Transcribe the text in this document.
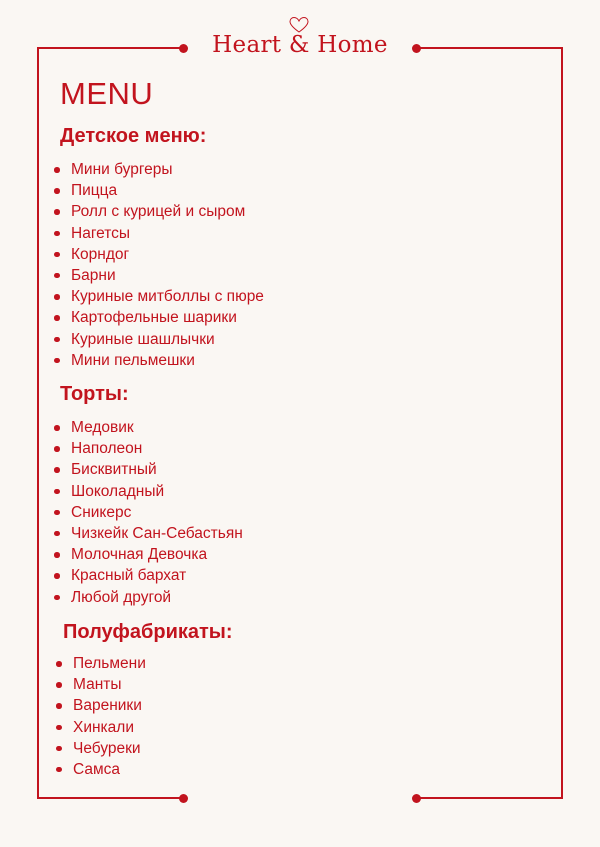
Heart & Home
MENU
Детское меню:
Мини бургеры
Пицца
Ролл с курицей и сыром
Нагетсы
Корндог
Барни
Куриные митболлы с пюре
Картофельные шарики
Куриные шашлычки
Мини пельмешки
Торты:
Медовик
Наполеон
Бисквитный
Шоколадный
Сникерс
Чизкейк Сан-Себастьян
Молочная Девочка
Красный бархат
Любой другой
Полуфабрикаты:
Пельмени
Манты
Вареники
Хинкали
Чебуреки
Самса
